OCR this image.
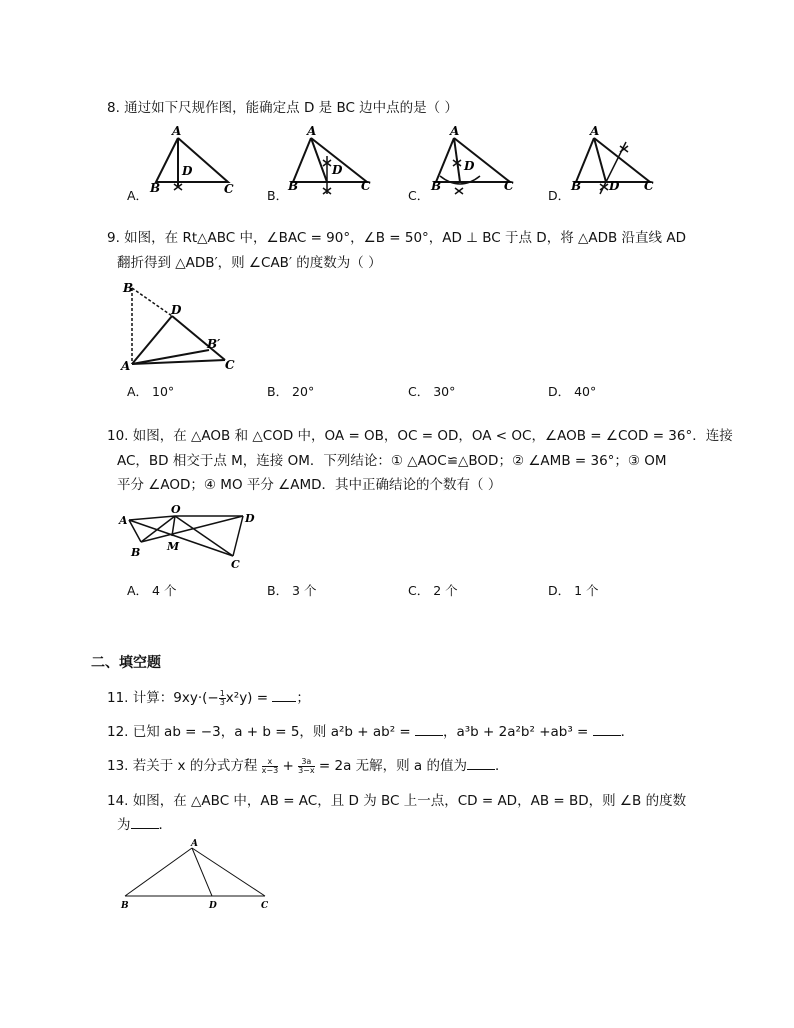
8. 通过如下尺规作图，能确定点 D 是 BC 边中点的是（ ）
A
D
B	C
A．
A
D
B	C
B．
A
D
B	C
C．
A
D
B	C
D．
9. 如图，在 Rt△ABC 中，∠BAC = 90°，∠B = 50°，AD ⊥ BC 于点 D，将 △ADB 沿直线 AD
翻折得到 △ADB′，则 ∠CAB′ 的度数为（ ）
B
D
B′
A	C
A． 10°	B． 20°	C． 30°	D． 40°
10. 如图，在 △AOB 和 △COD 中，OA = OB，OC = OD，OA < OC，∠AOB = ∠COD = 36°．连接
AC，BD 相交于点 M，连接 OM．下列结论：① △AOC≌△BOD；② ∠AMB = 36°；③ OM
平分 ∠AOD；④ MO 平分 ∠AMD．其中正确结论的个数有（ ）
A
O
D
B M
C
A． 4 个	B． 3 个	C． 2 个	D． 1 个
二、填空题
11. 计算：$9xy\cdot(- \frac{1}{3} x^2y)$ = ；
12. 已知 ab = −3，a + b = 5，则 a²b + ab² = ，a³b + 2a²b² +ab³ = ．
13. 若关于 x 的分式方程 $\frac{x}{x-3} + \frac{3a}{3-x} = 2a$ 无解，则 a 的值为 ．
14. 如图，在 △ABC 中，AB = AC，且 D 为 BC 上一点，CD = AD，AB = BD，则 ∠B 的度数
为 ．
A
B	D	C
